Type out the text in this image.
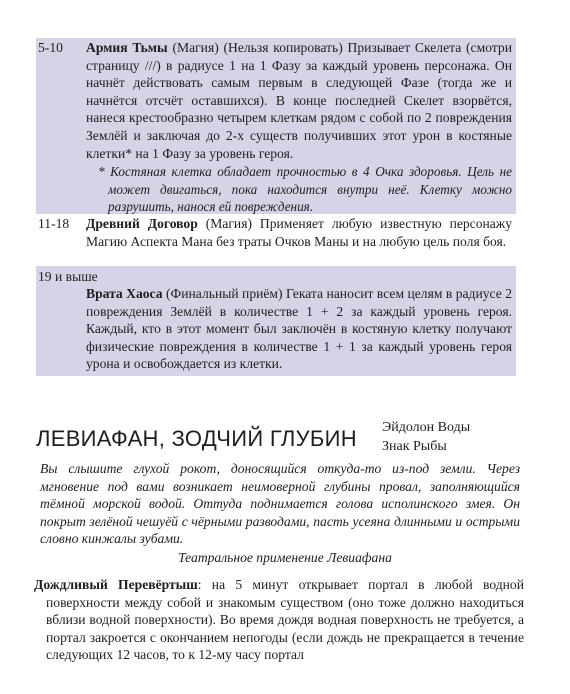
5-10 Армия Тьмы (Магия) (Нельзя копировать) Призывает Скелета (смотри страницу ///) в радиусе 1 на 1 Фазу за каждый уровень персонажа. Он начнёт действовать самым первым в следующей Фазе (тогда же и начнётся отсчёт оставшихся). В конце последней Скелет взорвётся, нанеся крестообразно четырем клеткам рядом с собой по 2 повреждения Землёй и заключая до 2-х существ получивших этот урон в костяные клетки* на 1 Фазу за уровень героя.
* Костяная клетка обладает прочностью в 4 Очка здоровья. Цель не может двигаться, пока находится внутри неё. Клетку можно разрушить, нанося ей повреждения.
11-18 Древний Договор (Магия) Применяет любую известную персонажу Магию Аспекта Мана без траты Очков Маны и на любую цель поля боя.
19 и выше
Врата Хаоса (Финальный приём) Геката наносит всем целям в радиусе 2 повреждения Землёй в количестве 1 + 2 за каждый уровень героя. Каждый, кто в этот момент был заключён в костяную клетку получают физические повреждения в количестве 1 + 1 за каждый уровень героя урона и освобождается из клетки.
ЛЕВИАФАН, ЗОДЧИЙ ГЛУБИН Эйдолон Воды
Знак Рыбы
Вы слышите глухой рокот, доносящийся откуда-то из-под земли. Через мгновение под вами возникает неимоверной глубины провал, заполняющийся тёмной морской водой. Оттуда поднимается голова исполинского змея. Он покрыт зелёной чешуёй с чёрными разводами, пасть усеяна длинными и острыми словно кинжалы зубами.
Театральное применение Левиафана
Дождливый Перевёртыш: на 5 минут открывает портал в любой водной поверхности между собой и знакомым существом (оно тоже должно находиться вблизи водной поверхности). Во время дождя водная поверхность не требуется, а портал закроется с окончанием непогоды (если дождь не прекращается в течение следующих 12 часов, то к 12-му часу портал
